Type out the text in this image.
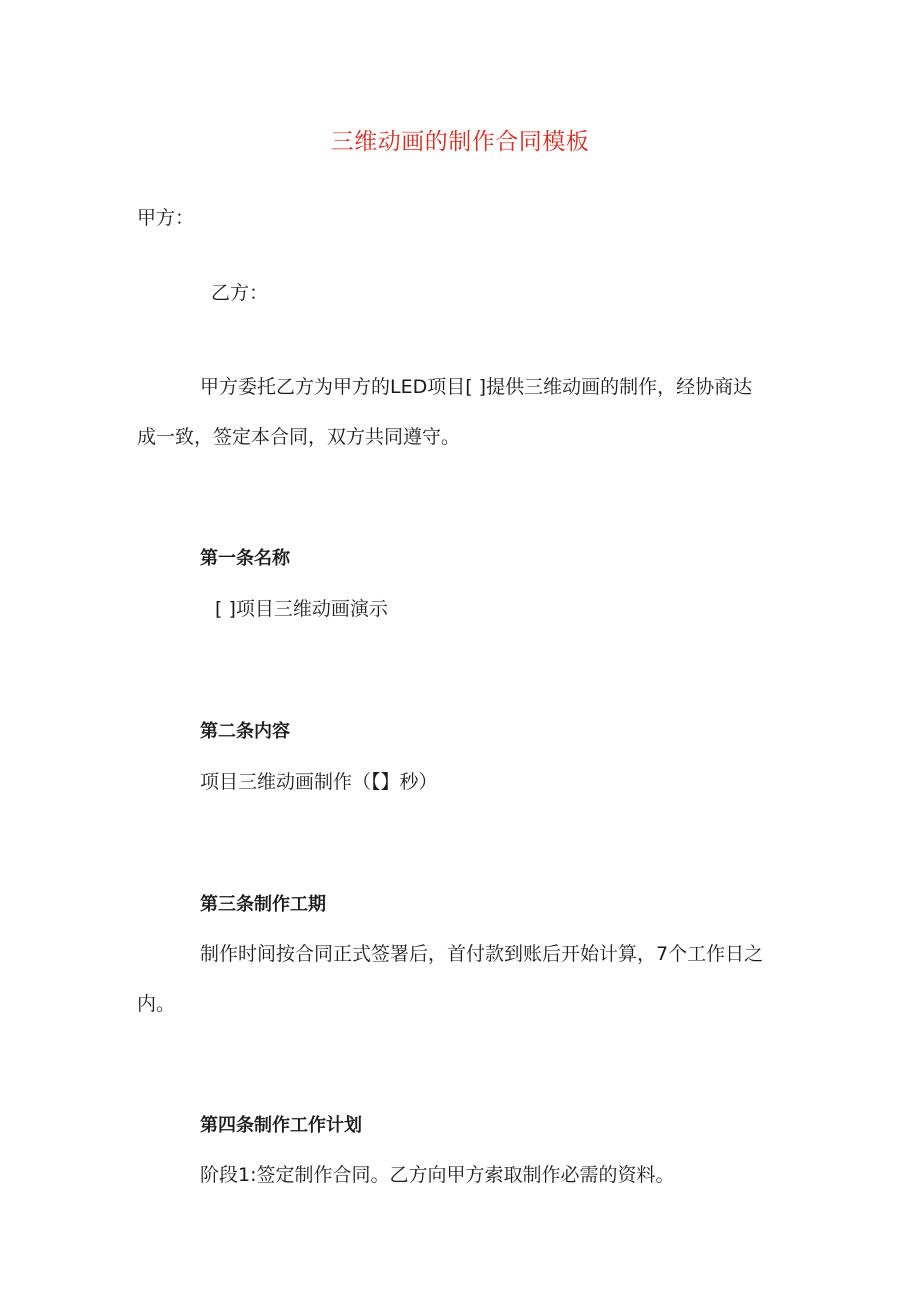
三维动画的制作合同模板
甲方：
乙方：
甲方委托乙方为甲方的LED项目[ ]提供三维动画的制作，经协商达
成一致，签定本合同，双方共同遵守。
第一条名称
[ ]项目三维动画演示
第二条内容
项目三维动画制作（【】秒）
第三条制作工期
制作时间按合同正式签署后，首付款到账后开始计算，7个工作日之
内。
第四条制作工作计划
阶段1:签定制作合同。乙方向甲方索取制作必需的资料。
